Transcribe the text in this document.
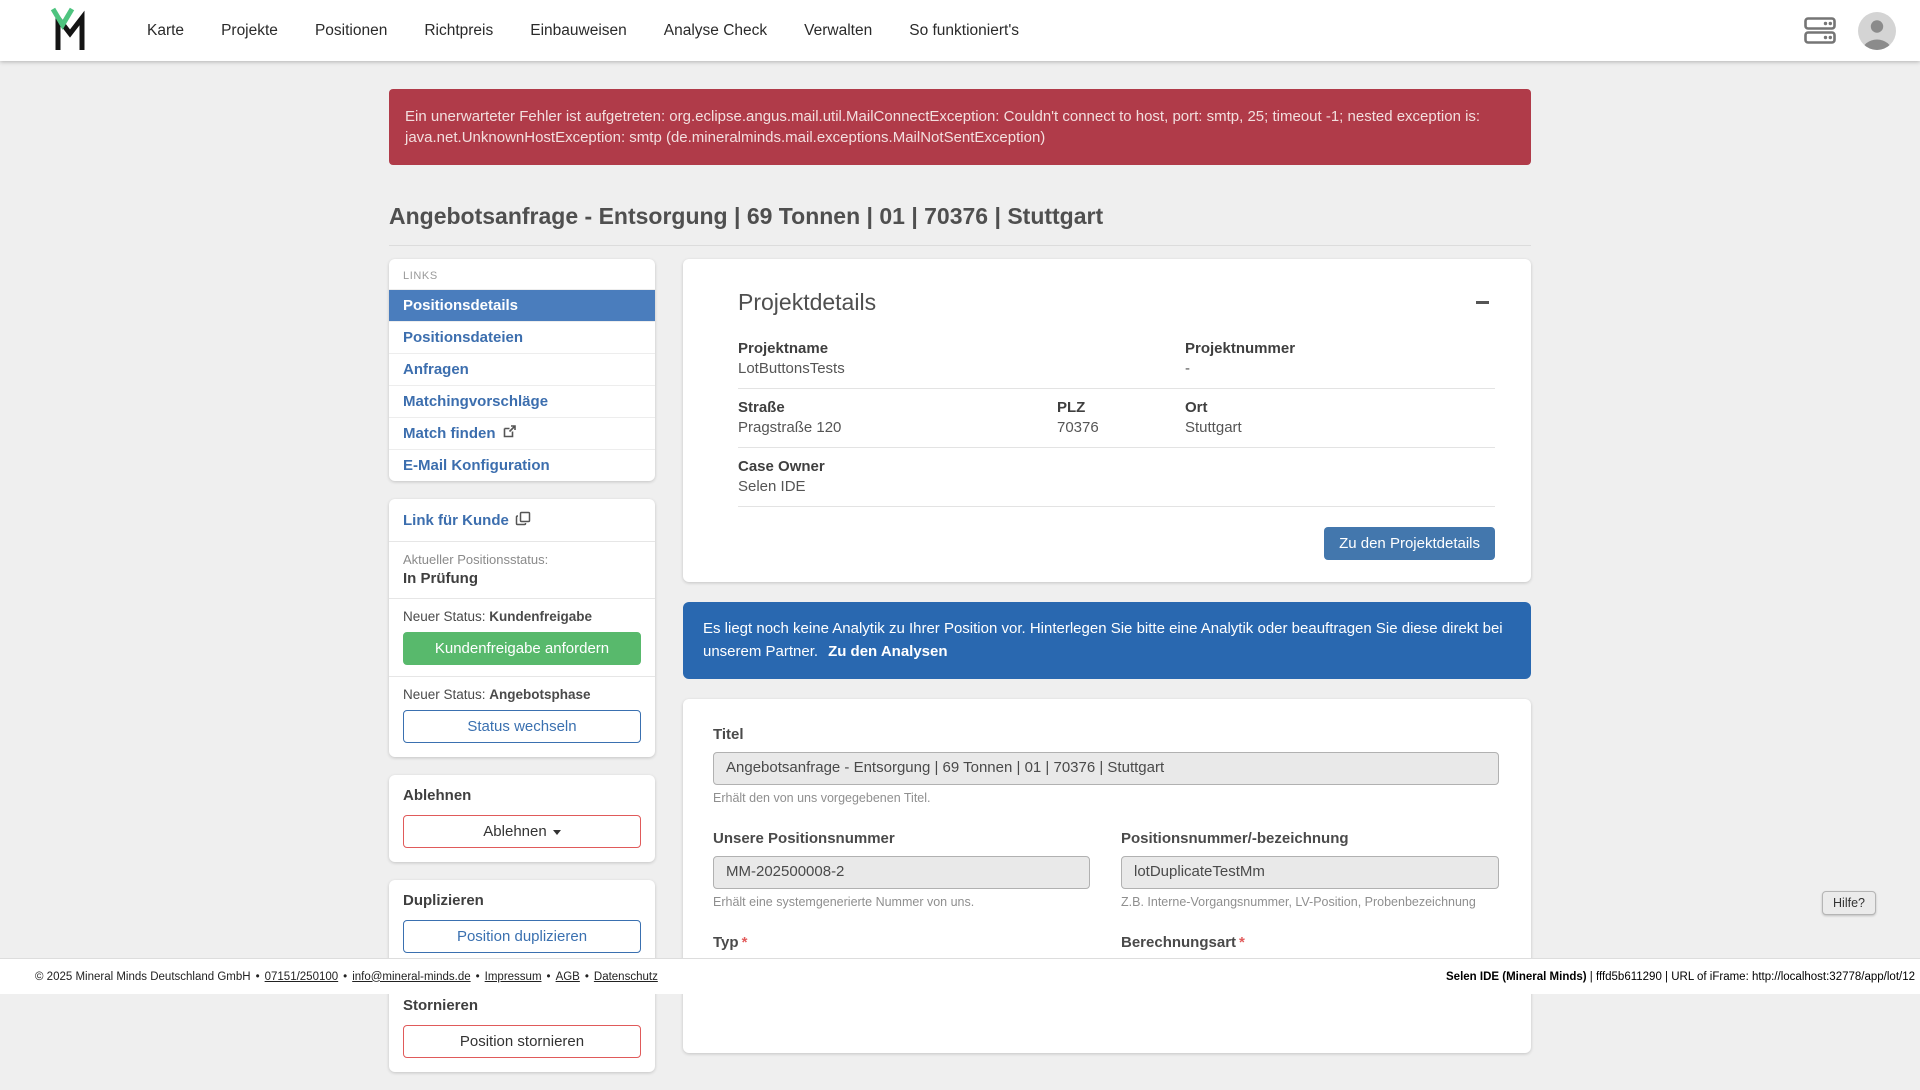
Karte Projekte Positionen Richtpreis Einbauweisen Analyse Check Verwalten So funktioniert's
Ein unerwarteter Fehler ist aufgetreten: org.eclipse.angus.mail.util.MailConnectException: Couldn't connect to host, port: smtp, 25; timeout -1; nested exception is:
java.net.UnknownHostException: smtp (de.mineralminds.mail.exceptions.MailNotSentException)
Angebotsanfrage - Entsorgung | 69 Tonnen | 01 | 70376 | Stuttgart
LINKS
Positionsdetails
Positionsdateien
Anfragen
Matchingvorschläge
Match finden
E-Mail Konfiguration
Link für Kunde
Aktueller Positionsstatus:
In Prüfung
Neuer Status: Kundenfreigabe
Kundenfreigabe anfordern
Neuer Status: Angebotsphase
Status wechseln
Ablehnen
Ablehnen
Duplizieren
Position duplizieren
Stornieren
Position stornieren
Projektdetails
Projektname
LotButtonsTests
Projektnummer
-
Straße
Pragstraße 120
PLZ
70376
Ort
Stuttgart
Case Owner
Selen IDE
Zu den Projektdetails
Es liegt noch keine Analytik zu Ihrer Position vor. Hinterlegen Sie bitte eine Analytik oder beauftragen Sie diese direkt bei unserem Partner. Zu den Analysen
Titel
Angebotsanfrage - Entsorgung | 69 Tonnen | 01 | 70376 | Stuttgart
Erhält den von uns vorgegebenen Titel.
Unsere Positionsnummer
MM-202500008-2
Erhält eine systemgenerierte Nummer von uns.
Positionsnummer/-bezeichnung
lotDuplicateTestMm
Z.B. Interne-Vorgangsnummer, LV-Position, Probenbezeichnung
Typ *	Berechnungsart *
Hilfe?
© 2025 Mineral Minds Deutschland GmbH • 07151/250100 • info@mineral-minds.de • Impressum • AGB • Datenschutz	Selen IDE (Mineral Minds) | fffd5b611290 | URL of iFrame: http://localhost:32778/app/lot/12
